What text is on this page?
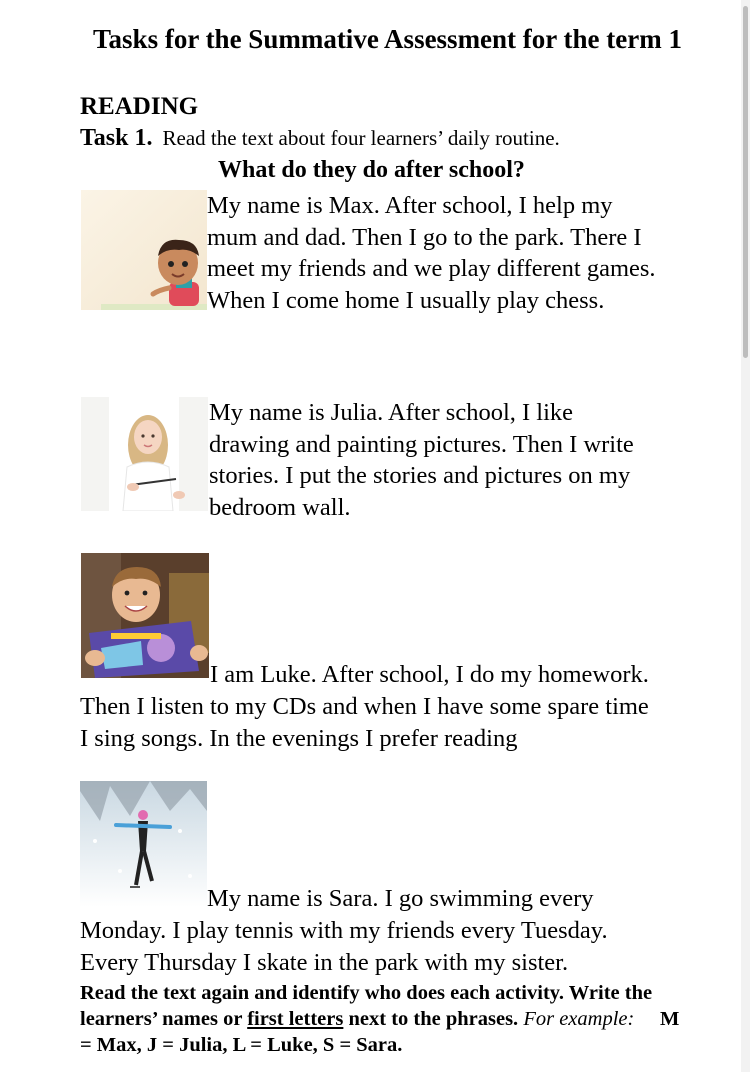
Tasks for the Summative Assessment for the term 1
READING
Task 1. Read the text about four learners’ daily routine.
What do they do after school?
My name is Max. After school, I help my
mum and dad. Then I go to the park. There I
meet my friends and we play different games.
When I come home I usually play chess.
My name is Julia. After school, I like
drawing and painting pictures. Then I write
stories. I put the stories and pictures on my
bedroom wall.
I am Luke. After school, I do my homework.
Then I listen to my CDs and when I have some spare time
I sing songs. In the evenings I prefer reading
My name is Sara. I go swimming every
Monday. I play tennis with my friends every Tuesday.
Every Thursday I skate in the park with my sister.
Read the text again and identify who does each activity. Write the learners’ names or first letters next to the phrases. For example: M = Max, J = Julia, L = Luke, S = Sara.
